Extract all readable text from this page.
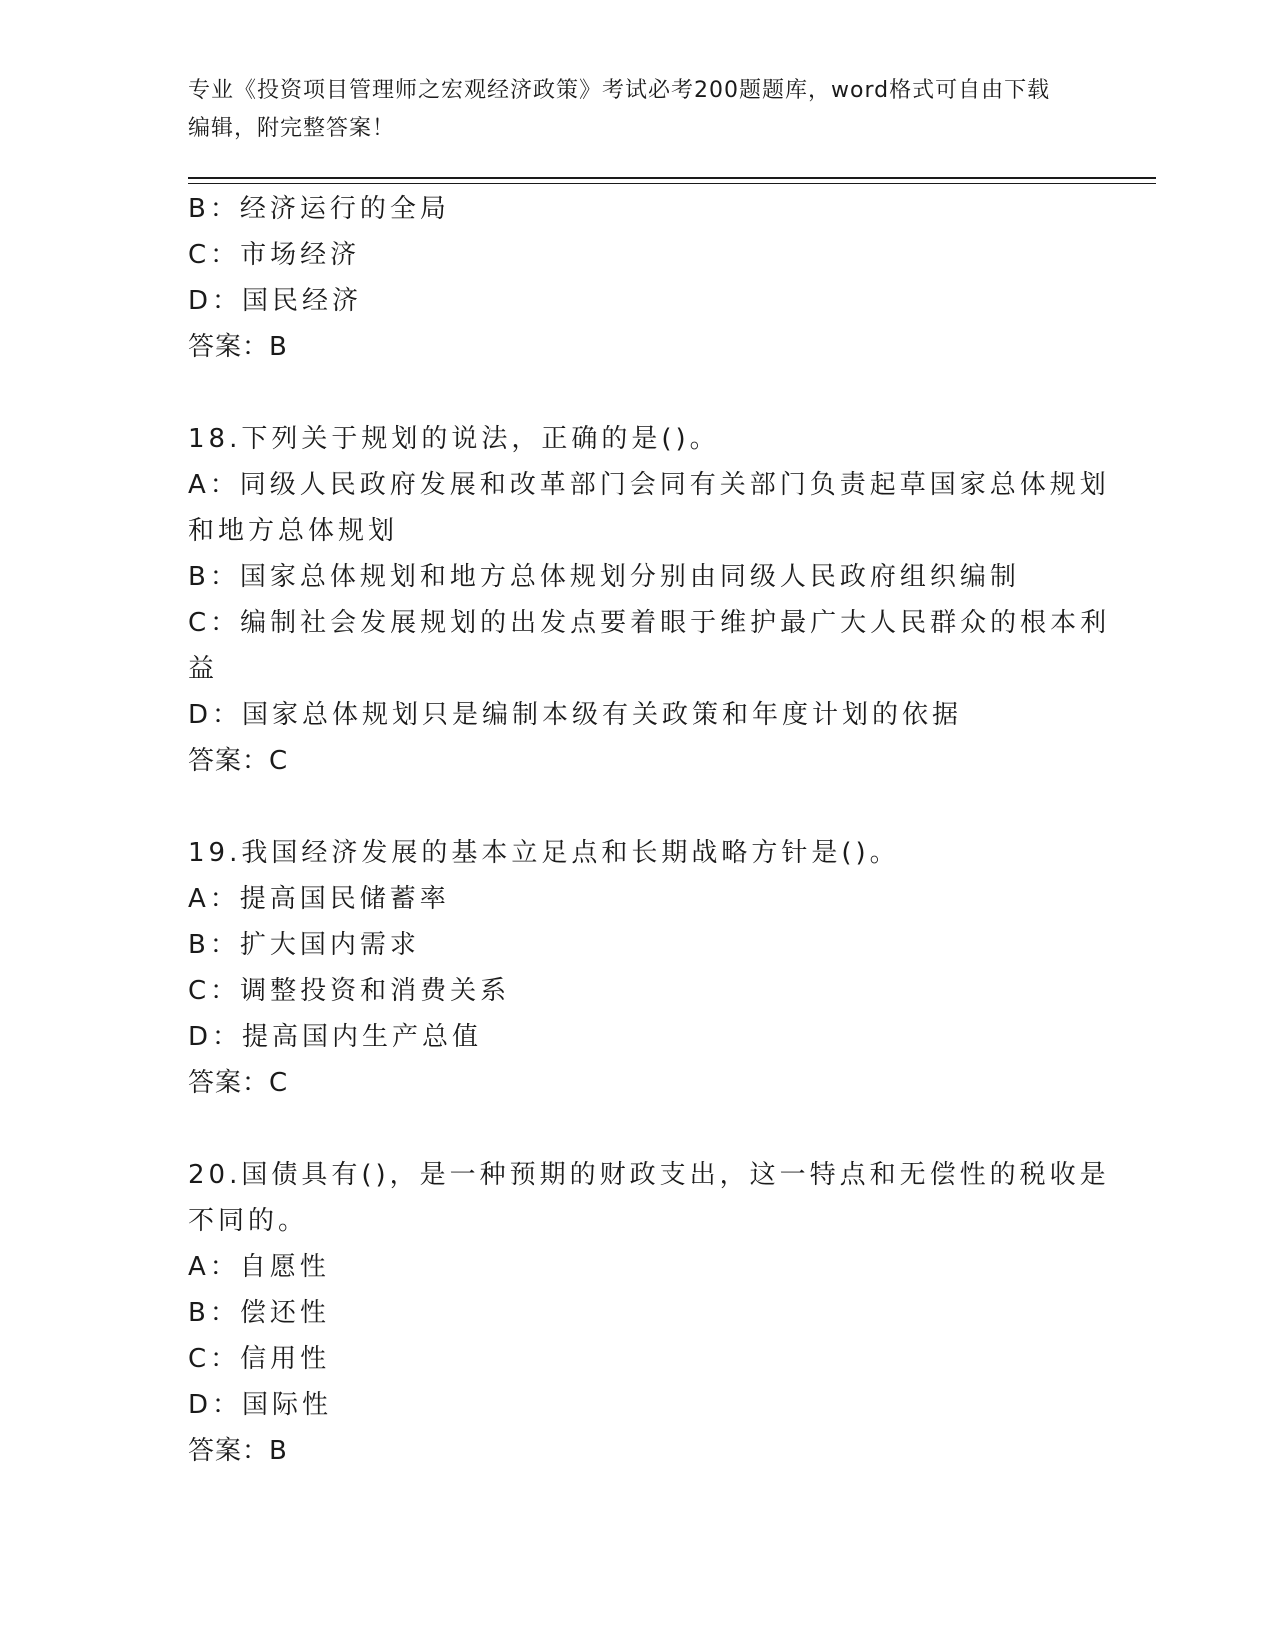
专业《投资项目管理师之宏观经济政策》考试必考200题题库，word格式可自由下载编辑，附完整答案！
B：经济运行的全局
C：市场经济
D：国民经济
答案：B
18.下列关于规划的说法，正确的是()。
A：同级人民政府发展和改革部门会同有关部门负责起草国家总体规划
和地方总体规划
B：国家总体规划和地方总体规划分别由同级人民政府组织编制
C：编制社会发展规划的出发点要着眼于维护最广大人民群众的根本利
益
D：国家总体规划只是编制本级有关政策和年度计划的依据
答案：C
19.我国经济发展的基本立足点和长期战略方针是()。
A：提高国民储蓄率
B：扩大国内需求
C：调整投资和消费关系
D：提高国内生产总值
答案：C
20.国债具有()，是一种预期的财政支出，这一特点和无偿性的税收是
不同的。
A：自愿性
B：偿还性
C：信用性
D：国际性
答案：B
